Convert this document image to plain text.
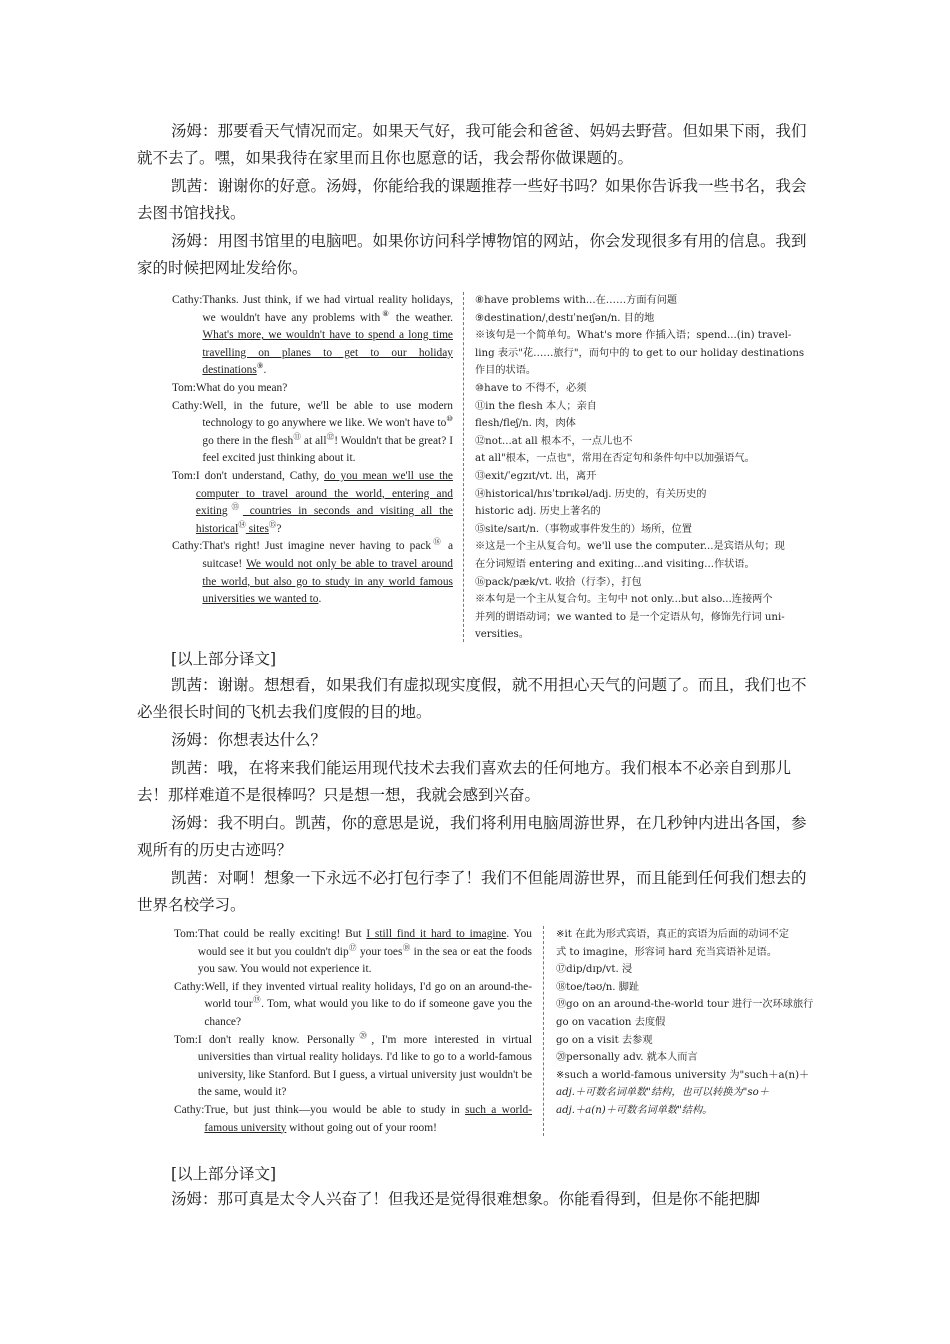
汤姆：那要看天气情况而定。如果天气好，我可能会和爸爸、妈妈去野营。但如果下雨，我们就不去了。嘿，如果我待在家里而且你也愿意的话，我会帮你做课题的。

凯茜：谢谢你的好意。汤姆，你能给我的课题推荐一些好书吗？如果你告诉我一些书名，我会去图书馆找找。

汤姆：用图书馆里的电脑吧。如果你访问科学博物馆的网站，你会发现很多有用的信息。我到家的时候把网址发给你。

Cathy: Thanks. Just think, if we had virtual reality holidays, we wouldn't have any problems with⑧ the weather. What's more, we wouldn't have to spend a long time travelling on planes to get to our holiday destinations⑨.
Tom: What do you mean?
Cathy: Well, in the future, we'll be able to use modern technology to go anywhere we like. We won't have to⑩ go there in the flesh⑪ at all⑫! Wouldn't that be great? I feel excited just thinking about it.
Tom: I don't understand, Cathy, do you mean we'll use the computer to travel around the world, entering and exiting⑬ countries in seconds and visiting all the historical⑭ sites⑮?
Cathy: That's right! Just imagine never having to pack⑯ a suitcase! We would not only be able to travel around the world, but also go to study in any world famous universities we wanted to.
⑧have problems with...在……方面有问题
⑨destination/ˌdestɪˈneɪʃən/n. 目的地
※该句是一个简单句。What's more 作插入语；spend...(in) travel-
ling 表示"花……旅行"，而句中的 to get to our holiday destinations
作目的状语。
⑩have to 不得不，必须
⑪in the flesh 本人；亲自
flesh/fleʃ/n. 肉，肉体
⑫not...at all 根本不，一点儿也不
at all"根本，一点也"，常用在否定句和条件句中以加强语气。
⑬exit/ˈeɡzɪt/vt. 出，离开
⑭historical/hɪsˈtɒrɪkəl/adj. 历史的，有关历史的
historic adj. 历史上著名的
⑮site/saɪt/n.（事物或事件发生的）场所，位置
※这是一个主从复合句。we'll use the computer...是宾语从句；现
在分词短语 entering and exiting...and visiting...作状语。
⑯pack/pæk/vt. 收拾（行李），打包
※本句是一个主从复合句。主句中 not only...but also...连接两个
并列的谓语动词；we wanted to 是一个定语从句，修饰先行词 uni-
versities。
[以上部分译文]

凯茜：谢谢。想想看，如果我们有虚拟现实度假，就不用担心天气的问题了。而且，我们也不必坐很长时间的飞机去我们度假的目的地。

汤姆：你想表达什么？

凯茜：哦，在将来我们能运用现代技术去我们喜欢去的任何地方。我们根本不必亲自到那儿去！那样难道不是很棒吗？只是想一想，我就会感到兴奋。

汤姆：我不明白。凯茜，你的意思是说，我们将利用电脑周游世界，在几秒钟内进出各国，参观所有的历史古迹吗？

凯茜：对啊！想象一下永远不必打包行李了！我们不但能周游世界，而且能到任何我们想去的世界名校学习。

Tom: That could be really exciting! But I still find it hard to imagine. You would see it but you couldn't dip⑰ your toes⑱ in the sea or eat the foods you saw. You would not experience it.
Cathy: Well, if they invented virtual reality holidays, I'd go on an around-the-world tour⑲. Tom, what would you like to do if someone gave you the chance?
Tom: I don't really know. Personally⑳, I'm more interested in virtual universities than virtual reality holidays. I'd like to go to a world-famous university, like Stanford. But I guess, a virtual university just wouldn't be the same, would it?
Cathy: True, but just think—you would be able to study in such a world-famous university without going out of your room!
※it 在此为形式宾语，真正的宾语为后面的动词不定
式 to imagine，形容词 hard 充当宾语补足语。
⑰dip/dɪp/vt. 浸
⑱toe/təʊ/n. 脚趾
⑲go on an around-the-world tour 进行一次环球旅行
go on vacation 去度假
go on a visit 去参观
⑳personally adv. 就本人而言
※such a world-famous university 为"such＋a(n)＋
adj.＋可数名词单数"结构，也可以转换为"so＋
adj.＋a(n)＋可数名词单数"结构。
[以上部分译文]

汤姆：那可真是太令人兴奋了！但我还是觉得很难想象。你能看得到，但是你不能把脚
